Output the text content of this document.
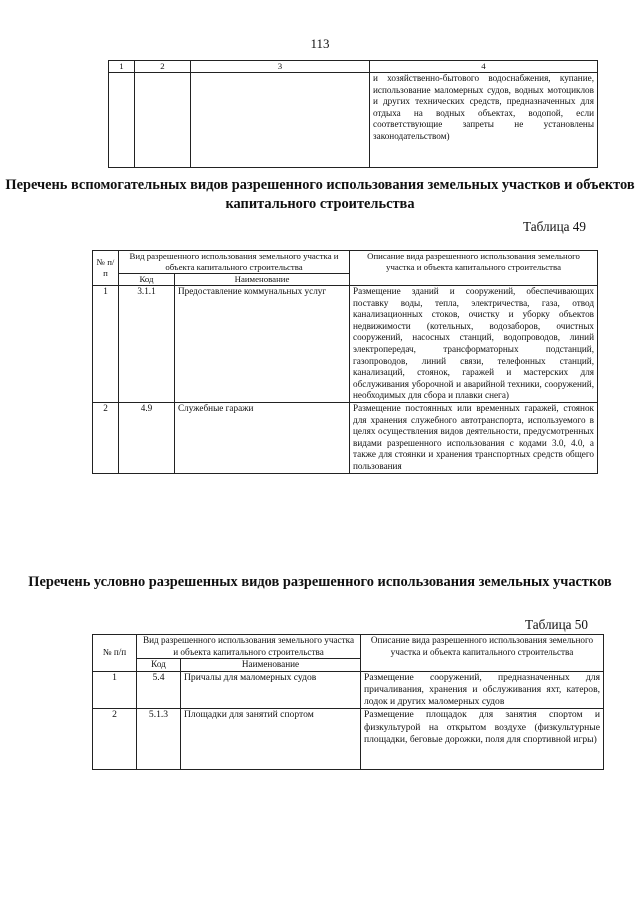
113
1	2	3	4
			и хозяйственно-бытового водоснабжения, купание, использование маломерных судов, водных мотоциклов и других технических средств, предназначенных для отдыха на водных объектах, водопой, если соответствующие запреты не установлены законодательством)
Перечень вспомогательных видов разрешенного использования земельных участков и объектов капитального строительства
Таблица 49
№ п/п	Вид разрешенного использования земельного участка и объекта капитального строительства		Описание вида разрешенного использования земельного участка и объекта капитального строительства
	Код	Наименование	
1	3.1.1	Предоставление коммунальных услуг	Размещение зданий и сооружений, обеспечивающих поставку воды, тепла, электричества, газа, отвод канализационных стоков, очистку и уборку объектов недвижимости (котельных, водозаборов, очистных сооружений, насосных станций, водопроводов, линий электропередач, трансформаторных подстанций, газопроводов, линий связи, телефонных станций, канализаций, стоянок, гаражей и мастерских для обслуживания уборочной и аварийной техники, сооружений, необходимых для сбора и плавки снега)
2	4.9	Служебные гаражи	Размещение постоянных или временных гаражей, стоянок для хранения служебного автотранспорта, используемого в целях осуществления видов деятельности, предусмотренных видами разрешенного использования с кодами 3.0, 4.0, а также для стоянки и хранения транспортных средств общего пользования
Перечень условно разрешенных видов разрешенного использования земельных участков
Таблица 50
№ п/п	Вид разрешенного использования земельного участка и объекта капитального строительства		Описание вида разрешенного использования земельного участка и объекта капитального строительства
	Код	Наименование	
1	5.4	Причалы для маломерных судов	Размещение сооружений, предназначенных для причаливания, хранения и обслуживания яхт, катеров, лодок и других маломерных судов
2	5.1.3	Площадки для занятий спортом	Размещение площадок для занятия спортом и физкультурой на открытом воздухе (физкультурные площадки, беговые дорожки, поля для спортивной игры)
